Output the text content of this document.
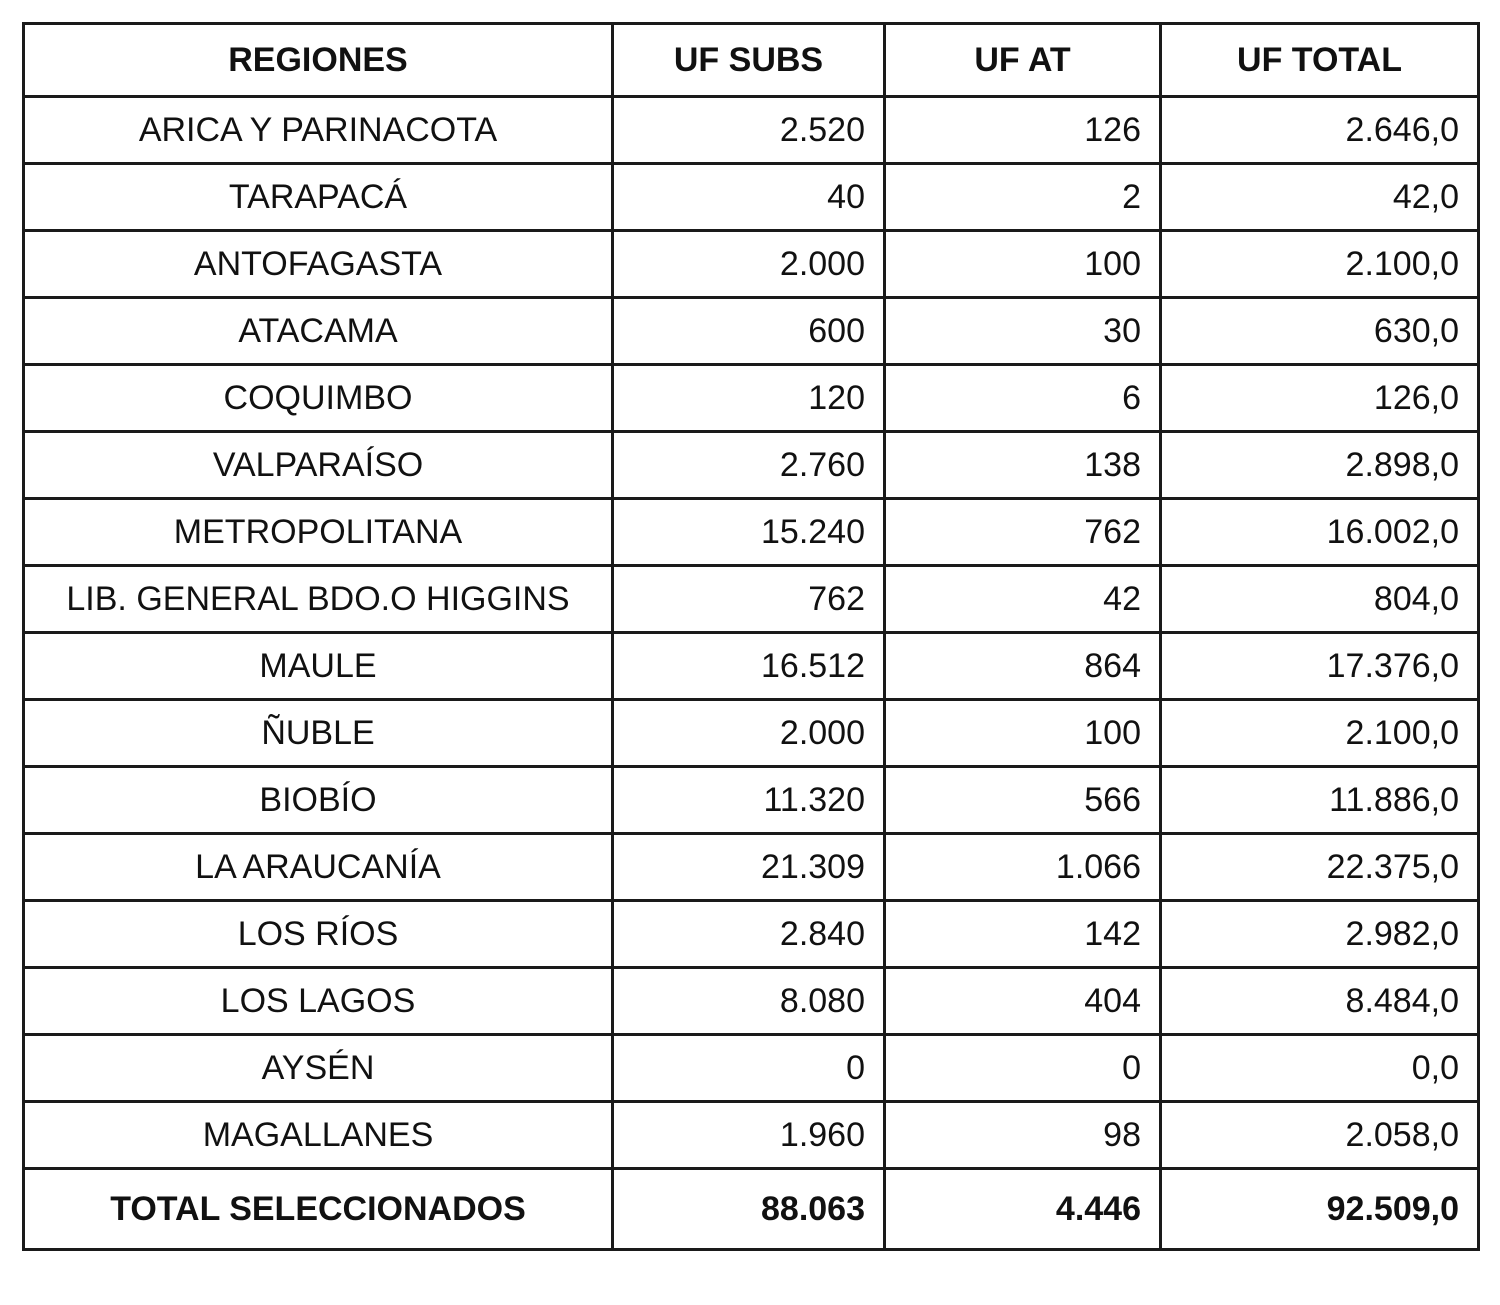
REGIONES	UF SUBS	UF AT	UF TOTAL
ARICA Y PARINACOTA	2.520	126	2.646,0
TARAPACÁ	40	2	42,0
ANTOFAGASTA	2.000	100	2.100,0
ATACAMA	600	30	630,0
COQUIMBO	120	6	126,0
VALPARAÍSO	2.760	138	2.898,0
METROPOLITANA	15.240	762	16.002,0
LIB. GENERAL BDO.O HIGGINS	762	42	804,0
MAULE	16.512	864	17.376,0
ÑUBLE	2.000	100	2.100,0
BIOBÍO	11.320	566	11.886,0
LA ARAUCANÍA	21.309	1.066	22.375,0
LOS RÍOS	2.840	142	2.982,0
LOS LAGOS	8.080	404	8.484,0
AYSÉN	0	0	0,0
MAGALLANES	1.960	98	2.058,0
TOTAL SELECCIONADOS	88.063	4.446	92.509,0
